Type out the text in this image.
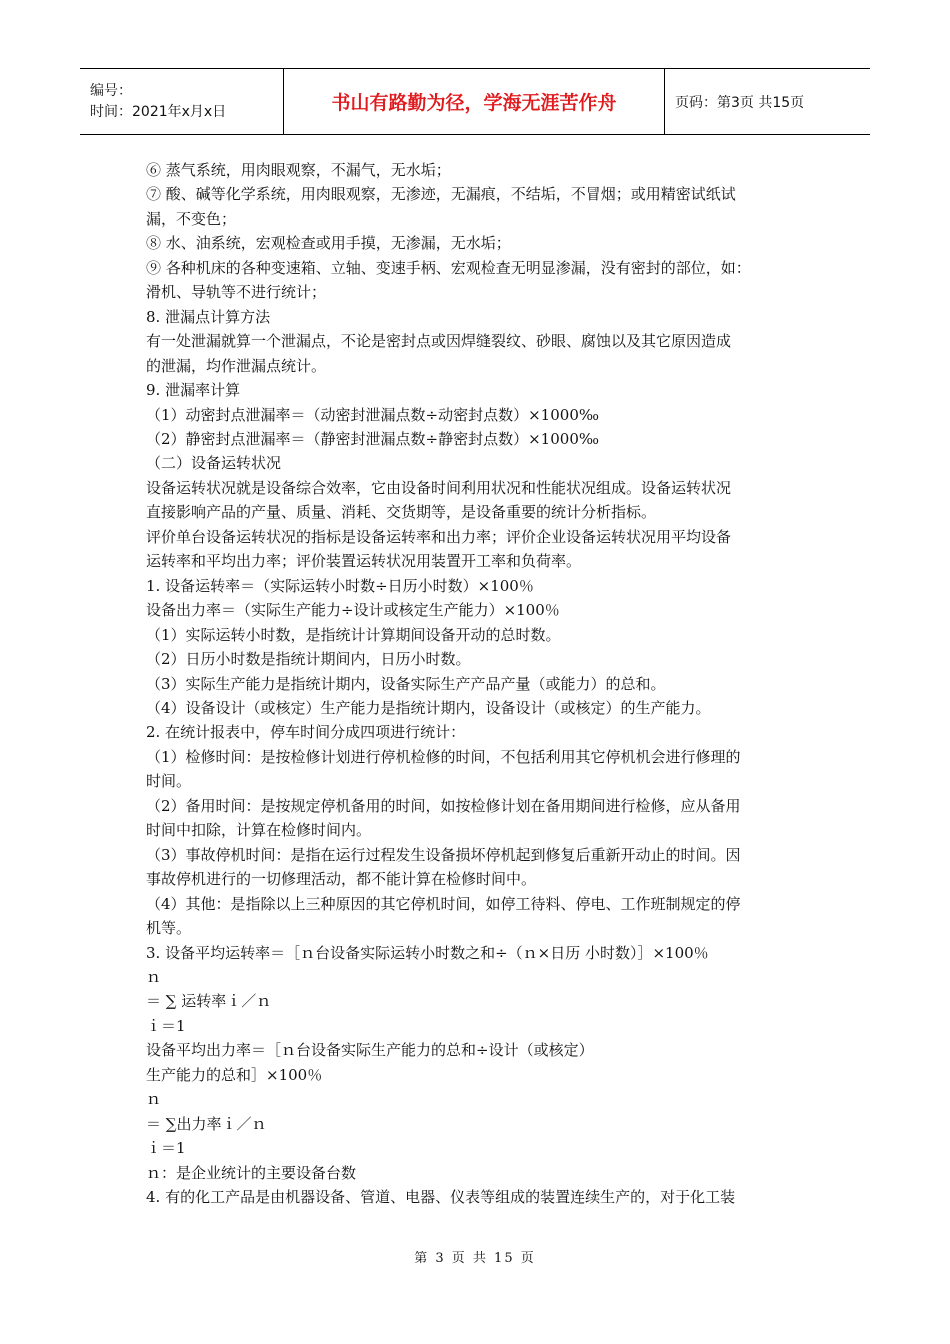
编号：
时间：2021年x月x日	书山有路勤为径，学海无涯苦作舟	页码：第3页 共15页

⑥ 蒸气系统，用肉眼观察，不漏气，无水垢；

⑦ 酸、碱等化学系统，用肉眼观察，无渗迹，无漏痕，不结垢，不冒烟；或用精密试纸试

漏，不变色；

⑧ 水、油系统，宏观检查或用手摸，无渗漏，无水垢；

⑨ 各种机床的各种变速箱、立轴、变速手柄、宏观检查无明显渗漏，没有密封的部位，如：

滑机、导轨等不进行统计；

8. 泄漏点计算方法

有一处泄漏就算一个泄漏点，不论是密封点或因焊缝裂纹、砂眼、腐蚀以及其它原因造成

的泄漏，均作泄漏点统计。

9. 泄漏率计算

（1）动密封点泄漏率＝（动密封泄漏点数÷动密封点数）×1000‰

（2）静密封点泄漏率＝（静密封泄漏点数÷静密封点数）×1000‰

（二）设备运转状况

设备运转状况就是设备综合效率，它由设备时间利用状况和性能状况组成。设备运转状况

直接影响产品的产量、质量、消耗、交货期等，是设备重要的统计分析指标。

评价单台设备运转状况的指标是设备运转率和出力率；评价企业设备运转状况用平均设备

运转率和平均出力率；评价装置运转状况用装置开工率和负荷率。

1. 设备运转率＝（实际运转小时数÷日历小时数）×100％

设备出力率＝（实际生产能力÷设计或核定生产能力）×100％

（1）实际运转小时数，是指统计计算期间设备开动的总时数。

（2）日历小时数是指统计期间内，日历小时数。

（3）实际生产能力是指统计期内，设备实际生产产品产量（或能力）的总和。

（4）设备设计（或核定）生产能力是指统计期内，设备设计（或核定）的生产能力。

2. 在统计报表中，停车时间分成四项进行统计：

（1）检修时间：是按检修计划进行停机检修的时间，不包括利用其它停机机会进行修理的

时间。

（2）备用时间：是按规定停机备用的时间，如按检修计划在备用期间进行检修，应从备用

时间中扣除，计算在检修时间内。

（3）事故停机时间：是指在运行过程发生设备损坏停机起到修复后重新开动止的时间。因

事故停机进行的一切修理活动，都不能计算在检修时间中。

（4）其他：是指除以上三种原因的其它停机时间，如停工待料、停电、工作班制规定的停

机等。

3. 设备平均运转率＝［ｎ台设备实际运转小时数之和÷（ｎ×日历 小时数）］×100％

ｎ

＝ ∑ 运转率ｉ／ｎ

ｉ＝1

设备平均出力率＝［ｎ台设备实际生产能力的总和÷设计（或核定）

生产能力的总和］×100％

ｎ

＝ ∑出力率ｉ／ｎ

ｉ＝1

ｎ：是企业统计的主要设备台数

4. 有的化工产品是由机器设备、管道、电器、仪表等组成的装置连续生产的，对于化工装

第 3 页 共 15 页
